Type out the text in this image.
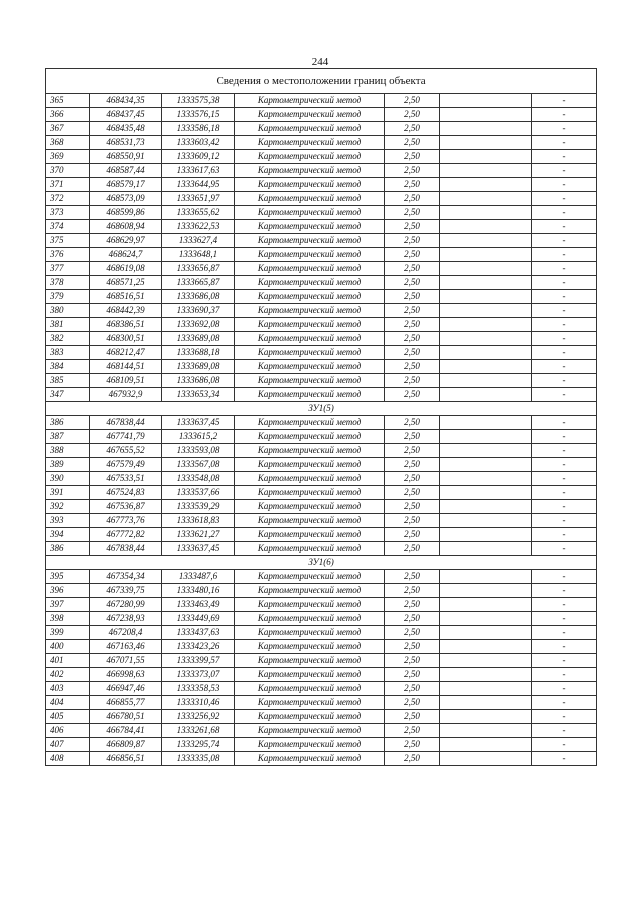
244
Сведения о местоположении границ объекта						
365	468434,35	1333575,38	Картометрический метод	2,50		-
366	468437,45	1333576,15	Картометрический метод	2,50		-
367	468435,48	1333586,18	Картометрический метод	2,50		-
368	468531,73	1333603,42	Картометрический метод	2,50		-
369	468550,91	1333609,12	Картометрический метод	2,50		-
370	468587,44	1333617,63	Картометрический метод	2,50		-
371	468579,17	1333644,95	Картометрический метод	2,50		-
372	468573,09	1333651,97	Картометрический метод	2,50		-
373	468599,86	1333655,62	Картометрический метод	2,50		-
374	468608,94	1333622,53	Картометрический метод	2,50		-
375	468629,97	1333627,4	Картометрический метод	2,50		-
376	468624,7	1333648,1	Картометрический метод	2,50		-
377	468619,08	1333656,87	Картометрический метод	2,50		-
378	468571,25	1333665,87	Картометрический метод	2,50		-
379	468516,51	1333686,08	Картометрический метод	2,50		-
380	468442,39	1333690,37	Картометрический метод	2,50		-
381	468386,51	1333692,08	Картометрический метод	2,50		-
382	468300,51	1333689,08	Картометрический метод	2,50		-
383	468212,47	1333688,18	Картометрический метод	2,50		-
384	468144,51	1333689,08	Картометрический метод	2,50		-
385	468109,51	1333686,08	Картометрический метод	2,50		-
347	467932,9	1333653,34	Картометрический метод	2,50		-
ЗУ1(5)						
386	467838,44	1333637,45	Картометрический метод	2,50		-
387	467741,79	1333615,2	Картометрический метод	2,50		-
388	467655,52	1333593,08	Картометрический метод	2,50		-
389	467579,49	1333567,08	Картометрический метод	2,50		-
390	467533,51	1333548,08	Картометрический метод	2,50		-
391	467524,83	1333537,66	Картометрический метод	2,50		-
392	467536,87	1333539,29	Картометрический метод	2,50		-
393	467773,76	1333618,83	Картометрический метод	2,50		-
394	467772,82	1333621,27	Картометрический метод	2,50		-
386	467838,44	1333637,45	Картометрический метод	2,50		-
ЗУ1(6)						
395	467354,34	1333487,6	Картометрический метод	2,50		-
396	467339,75	1333480,16	Картометрический метод	2,50		-
397	467280,99	1333463,49	Картометрический метод	2,50		-
398	467238,93	1333449,69	Картометрический метод	2,50		-
399	467208,4	1333437,63	Картометрический метод	2,50		-
400	467163,46	1333423,26	Картометрический метод	2,50		-
401	467071,55	1333399,57	Картометрический метод	2,50		-
402	466998,63	1333373,07	Картометрический метод	2,50		-
403	466947,46	1333358,53	Картометрический метод	2,50		-
404	466855,77	1333310,46	Картометрический метод	2,50		-
405	466780,51	1333256,92	Картометрический метод	2,50		-
406	466784,41	1333261,68	Картометрический метод	2,50		-
407	466809,87	1333295,74	Картометрический метод	2,50		-
408	466856,51	1333335,08	Картометрический метод	2,50		-
